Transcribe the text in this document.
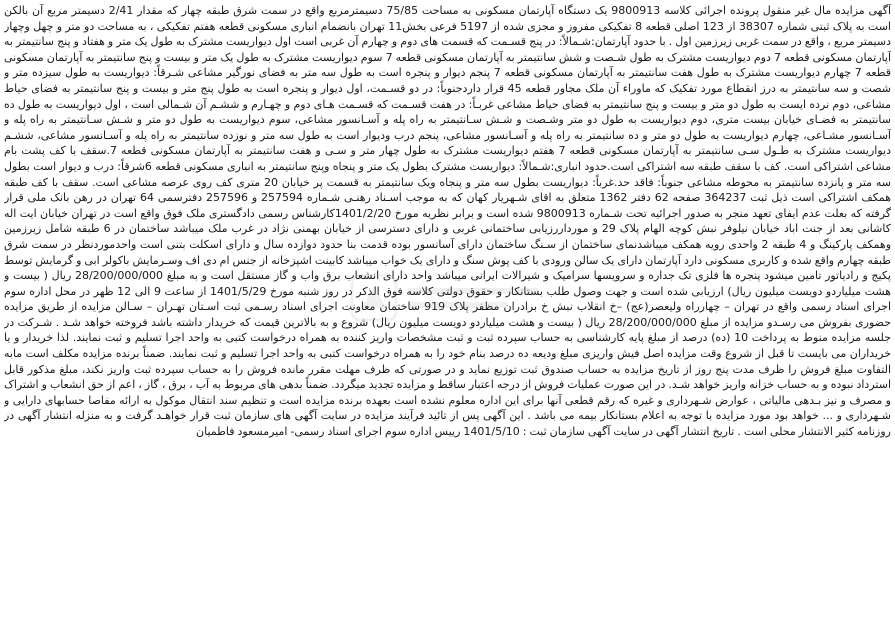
آگهی مزایده مال غیر منقول پرونده اجرائی کلاسه 9800913 یک دستگاه آپارتمان مسکونی به مساحت 75/85 دسیمترمربع واقع در سمت شرق طبقه چهار که مقدار 2/41 دسیمتر مربع آن بالکن است به پلاک ثبتی شماره 38307 از 123 اصلی قطعه 8 تفکیکی مفروز و مجزی شده از 5197 فرعی بخش11 تهران بانضمام انباری مسکونی قطعه هفتم تفکیکی ، به مساحت دو متر و چهل وچهار دسیمتر مربع ، واقع در سمت غربی زیرزمین اول . با حدود آپارتمان:شـمالاً: در پنج قسـمت که قسمت های دوم و چهارم آن غربی است اول دیواریست مشترک به طول یک متر و هفتاد و پنج سانتیمتر به آپارتمان مسکونی قطعه 7 دوم دیواریست مشترک به طول شـصت و شش سانتیمتر به آپارتمان مسکونی قطعه 7 سوم دیواریست مشترک به طول یک متر و بیست و پنج سانتیمتر به آپارتمان مسکونی قطعه 7 چهارم دیواریست مشترک به طول هفت سانتیمتر به آپارتمان مسکونی قطعه 7 پنجم دیوار و پنجره است به طول سه متر به فضای نورگیر مشاعی شـرقاً: دیواریست به طول سیزده متر و شصت و سه سانتیمتر به درز انقطاع مورد تفکیک که ماوراء آن ملک مجاور قطعه 45 قرار داردجنوباً: در دو قسـمت، اول دیوار و پنجره است به طول پنج متر و بیست و پنج سانتیمتر به فضای حیاط مشاعی، دوم نرده ایست به طول دو متر و بیست و پنج سانتیمتر به فضای حیاط مشاعی غربـاً: در هفت قسـمت که قسـمت هـای دوم و چهـارم و ششـم آن شـمالی است ، اول دیواریست به طول ده سانتیمتر به فضـای خیابان بیست متری، دوم دیواریست به طول دو متر وشـصت و شـش سـانتیمتر به راه پله و آسـانسور مشاعی، سوم دیواریست به طول دو متر و شـش سـانتیمتر به راه پله و آسـانسور مشـاعی، چهارم دیواریست به طول دو متر و ده سانتیمتر به راه پله و آسـانسور مشاعی، پنجم درب ودیوار است به طول سه متر و نوزده سانتیمتر به راه پله و آسـانسور مشاعی، ششـم دیواریست مشترک به طـول سـی سانتیمتر به آپارتمان مسکونی قطعه 7 هفتم دیواریست مشترک به طول چهار متر و سـی و هفت سانتیمتر به آپارتمان مسکونی قطعه 7.سقف با کف پشت بام مشاعی اشتراکی است. کف با سقف طبقه سه اشتراکی است.حدود انباری:شـمالاً: دیواریست مشترک بطول یک متر و پنجاه وپنج سانتیمتر به انباری مسکونی قطعه 6شرقاً: درب و دیوار است بطول سه متر و پانزده سانتیمتر به محوطه مشاعی جنوباً: فاقد حد.غرباً: دیواریست بطول سه متر و پنجاه ویک سانتیمتر به قسمت پر خیابان 20 متری کف روی عرصه مشاعی است. سقف با کف طبقه همکف اشتراکی است ذیل ثبت 364237 صفحه 62 دفتر 1362 متعلق به اقای شـهریار کهان که به موجب اسـناد رهنـی شـماره 257594 و 257596 دفترسمی 64 تهران در رهن بانک ملی قرار گرفته که بعلت عدم ایفای تعهد منجر به صدور اجرائیه تحت شـماره 9800913 شده است و برابر نظریه مورخ 1401/2/20کارشناس رسمی دادگستری ملک فوق واقع است در تهران خیابان ایت اله کاشانی بعد از جنت اباد خیابان نیلوفر نبش کوچه الهام پلاک 29 و مورداررزیابی ساختمانی غربی و دارای دسترسی از خیابان بهمنی نژاد در غرب ملک میباشد ساختمان در 6 طبقه شامل زیرزمین وهمکف پارکینگ و 4 طبقه 2 واحدی رویه همکف میباشدنمای ساختمان از سـنگ ساختمان دارای آسانسور بوده قدمت بنا حدود دوازده سال و دارای اسکلت بتنی است واحدموردنظر در سمت شرق طبقه چهارم واقع شده و کاربری مسکونی دارد آپارتمان دارای یک سالن ورودی با کف پوش سنگ و دارای یک خواب میباشد کابینت اشپزخانه از جنس ام دی اف وسـرمایش باکولر ابی و گرمایش توسط پکیج و رادیاتور تامین میشود پنجره ها فلزی تک جداره و سرویسها سرامیک و شیرالات ایرانی میباشد واحد دارای انشعاب برق واب و گاز مستقل است و به مبلغ 28/200/000/000 ریال ( بیست و هشت میلیاردو دویست میلیون ریال) ارزیابی شده است و جهت وصول طلب بستانکار و حقوق دولتی کلاسه فوق الذکر در روز شنبه مورخ 1401/5/29 از ساعت 9 الی 12 ظهر در محل اداره سوم اجرای اسناد رسمی واقع در تهران – چهارراه ولیعصر(عج) –خ انقلاب نبش خ برادران مظفر پلاک 919 ساختمان معاونت اجرای اسناد رسـمی ثبت اسـتان تهـران – سـالن مزایده از طریق مزایده حضوری بفروش می رسـدو مزایده از مبلغ 28/200/000/000 ریال ( بیست و هشت میلیاردو دویست میلیون ریال) شروع و به بالاترین قیمت که خریدار داشته باشد فروخته خواهد شـد . شـرکت در جلسه مزایده منوط به پرداخت 10 (ده) درصد از مبلغ پایه کارشناسی به حساب سپرده ثبت و ثبت مشخصات واریز کننده به همراه درخواست کتبی به واحد اجرا تسلیم و ثبت نمایند. لذا خریدار و یا خریداران می بایست تا قبل از شروع وقت مزایده اصل فیش واریزی مبلغ ودیعه ده درصد بنام خود را به همراه درخواست کتبی به واحد اجرا تسلیم و ثبت نمایند. ضمناً برنده مزایده مکلف است مابه التفاوت مبلغ فروش را ظرف مدت پنج روز از تاریخ مزایده به حساب صندوق ثبت توزیع نماید و در صورتی که ظرف مهلت مقرر مانده فروش را به حساب سپرده ثبت واریز نکند، مبلغ مذکور قابل استرداد نبوده و به حساب خزانه واریز خواهد شـد. در این صورت عملیات فروش از درجه اعتبار ساقط و مزایده تجدید میگردد. ضمناً بدهی های مربوط به آب ، برق ، گاز ، اعم از حق انشعاب و اشتراک و مصرف و نیز بـدهی مالیاتی ، عوارض شـهرداری و غیره که رقم قطعی آنها برای این اداره معلوم نشده است بعهده برنده مزایده است و تنظیم سند انتقال موکول به ارائه مفاصا حسابهای دارایی و شـهرداری و ... خواهد بود مورد مزایده با توجه به اعلام بستانکار بیمه می باشد . این آگهی پس از تائید فرآیند مزایده در سایت آگهی های سازمان ثبت قرار خواهـد گرفت و به منزله انتشار آگهی در روزنامه کثیر الانتشار محلی است . تاریخ انتشار آگهی در سایت آگهی سازمان ثبت : 1401/5/10 رییس اداره سوم اجرای اسناد رسمی- امیرمسعود فاطمیان
